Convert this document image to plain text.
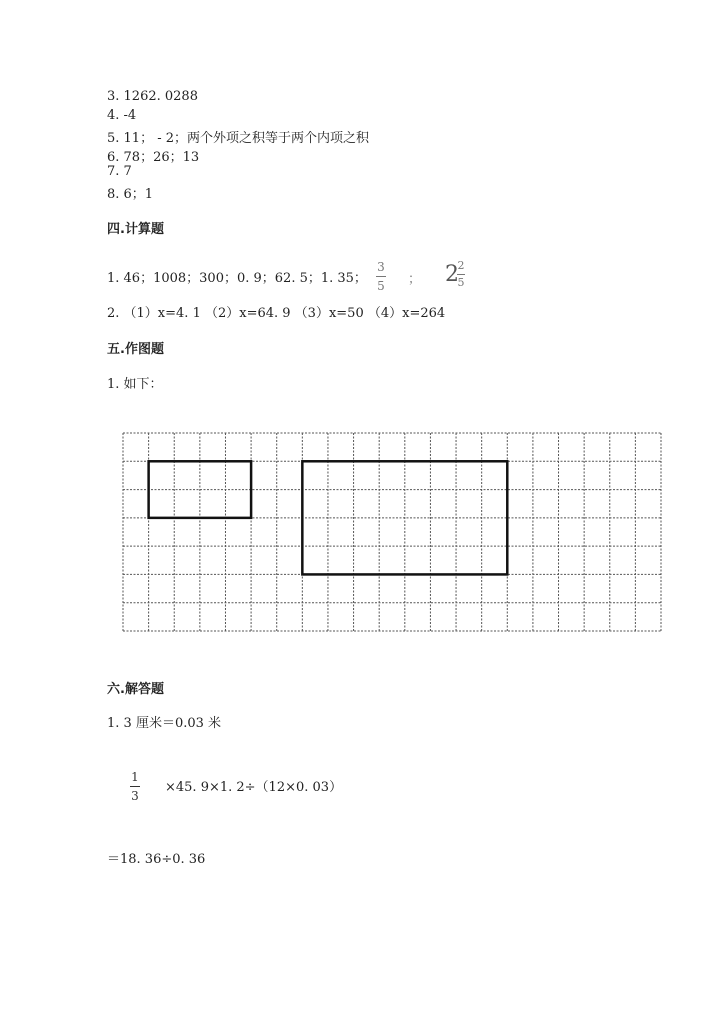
3. 1262. 0288
4. -4
5. 11； - 2；两个外项之积等于两个内项之积
6. 78；26；13
7. 7
8. 6；1
四.计算题
1. 46；1008；300；0. 9；62. 5；1. 35；
3
5 ； 2
2
5
2. （1）x=4. 1 （2）x=64. 9 （3）x=50 （4）x=264
五.作图题
1. 如下：
六.解答题
1. 3 厘米＝0.03 米
1
3
×45. 9×1. 2÷（12×0. 03）
＝18. 36÷0. 36
